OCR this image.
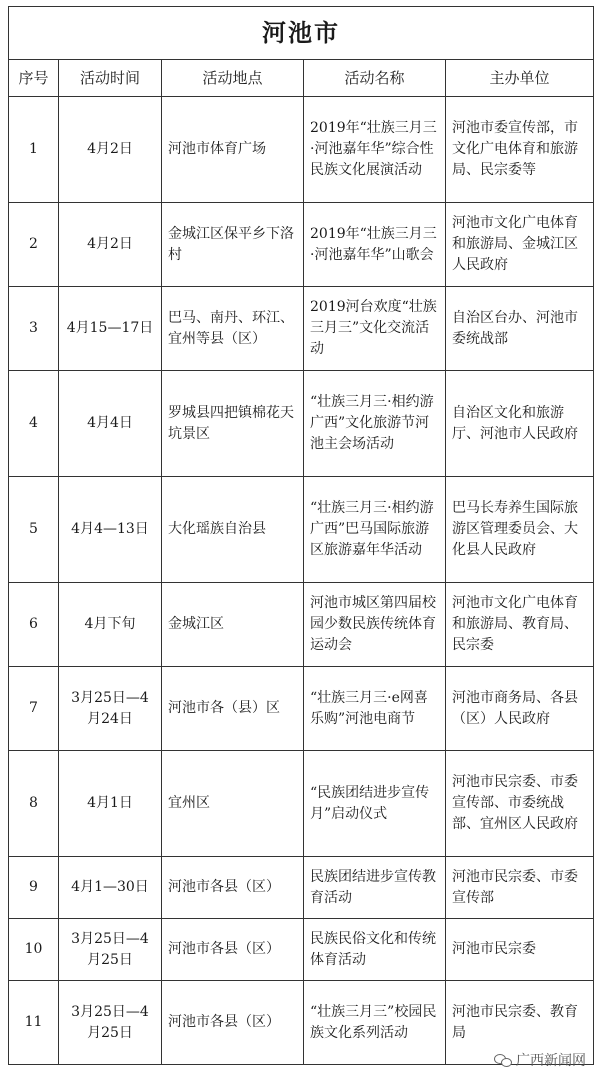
河池市				
序号	活动时间	活动地点	活动名称	主办单位
1	4月2日	河池市体育广场	2019年“壮族三月三·河池嘉年华”综合性民族文化展演活动	河池市委宣传部，市文化广电体育和旅游局、民宗委等
2	4月2日	金城江区保平乡下洛村	2019年“壮族三月三·河池嘉年华”山歌会	河池市文化广电体育和旅游局、金城江区人民政府
3	4月15—17日	巴马、南丹、环江、宜州等县（区）	2019河台欢度“壮族三月三”文化交流活动	自治区台办、河池市委统战部
4	4月4日	罗城县四把镇棉花天坑景区	“壮族三月三·相约游广西”文化旅游节河池主会场活动	自治区文化和旅游厅、河池市人民政府
5	4月4—13日	大化瑶族自治县	“壮族三月三·相约游广西”巴马国际旅游区旅游嘉年华活动	巴马长寿养生国际旅游区管理委员会、大化县人民政府
6	4月下旬	金城江区	河池市城区第四届校园少数民族传统体育运动会	河池市文化广电体育和旅游局、教育局、民宗委
7	3月25日—4月24日	河池市各（县）区	“壮族三月三·e网喜乐购”河池电商节	河池市商务局、各县（区）人民政府
8	4月1日	宜州区	“民族团结进步宣传月”启动仪式	河池市民宗委、市委宣传部、市委统战部、宜州区人民政府
9	4月1—30日	河池市各县（区）	民族团结进步宣传教育活动	河池市民宗委、市委宣传部
10	3月25日—4月25日	河池市各县（区）	民族民俗文化和传统体育活动	河池市民宗委
11	3月25日—4月25日	河池市各县（区）	“壮族三月三”校园民族文化系列活动	河池市民宗委、教育局
广西新闻网
